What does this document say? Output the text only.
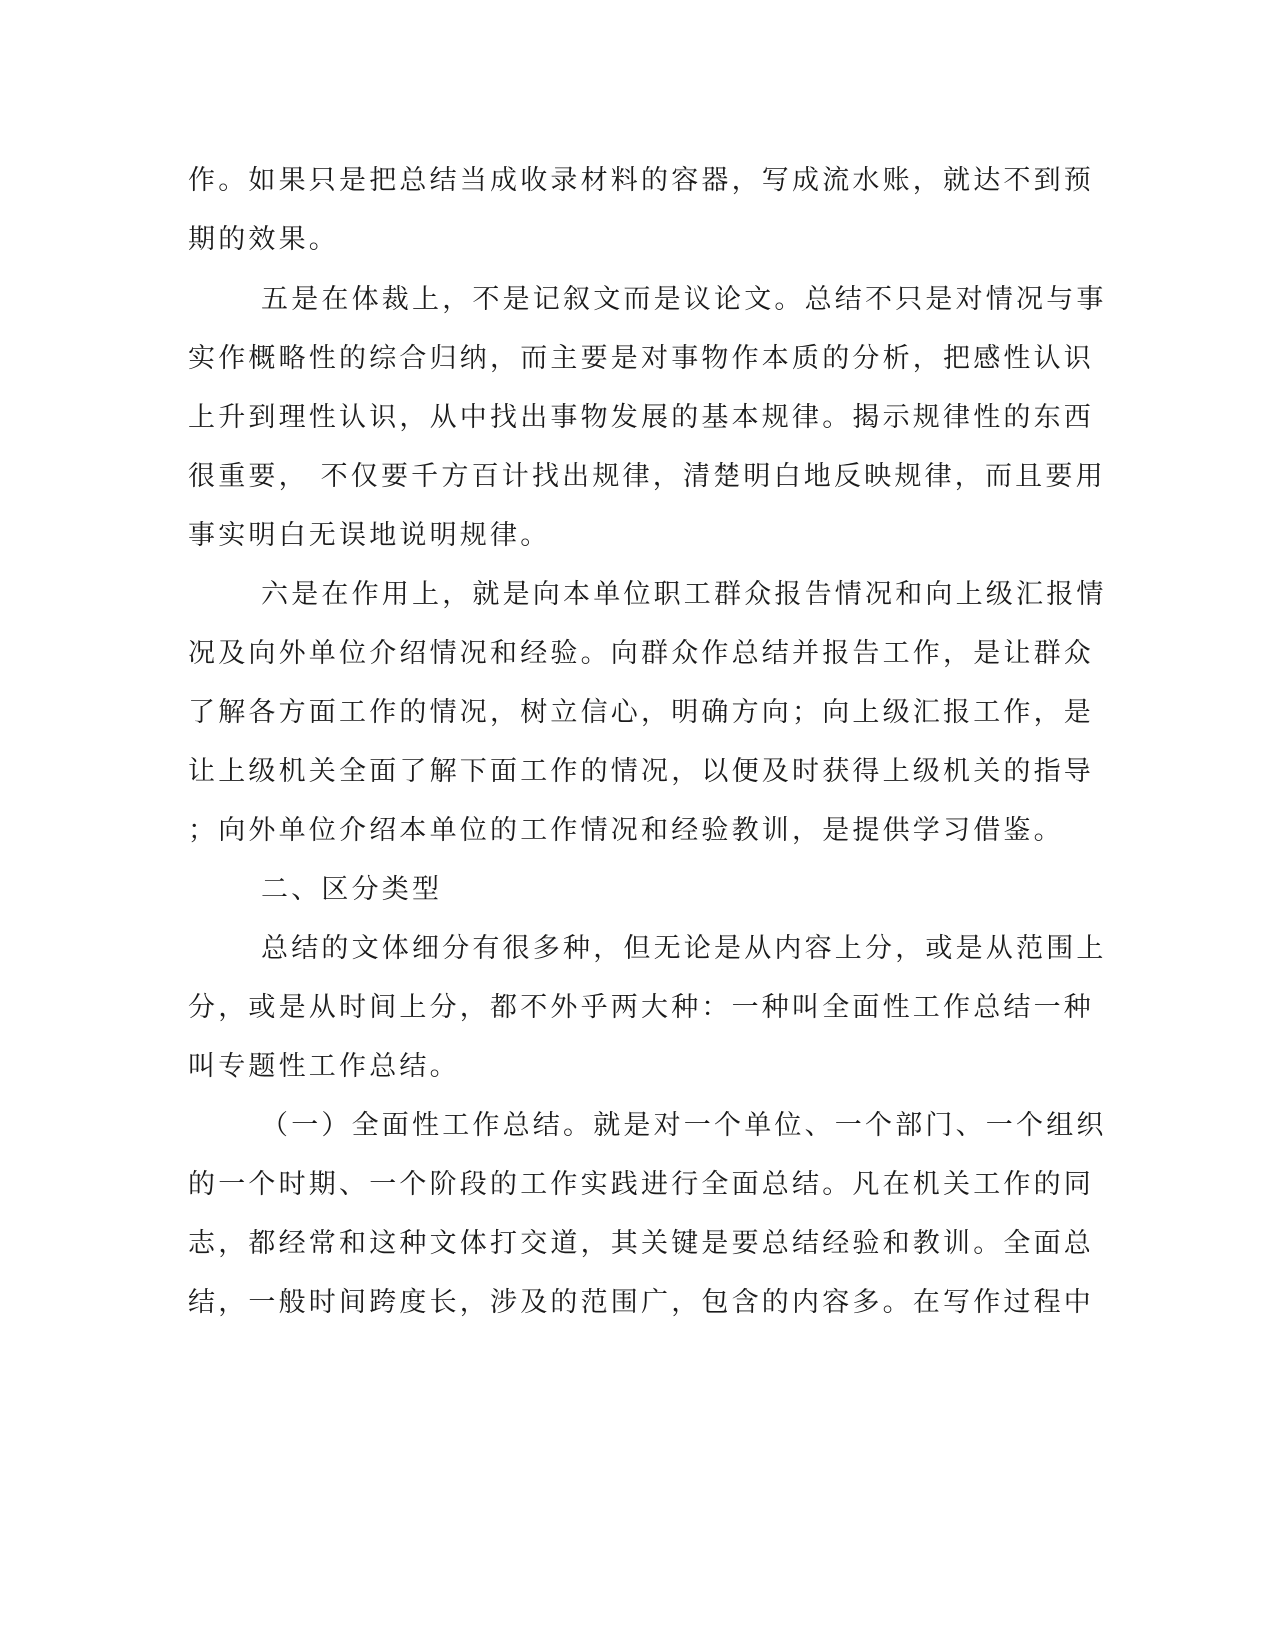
作。如果只是把总结当成收录材料的容器，写成流水账，就达不到预
期的效果。
五是在体裁上，不是记叙文而是议论文。总结不只是对情况与事
实作概略性的综合归纳，而主要是对事物作本质的分析，把感性认识
上升到理性认识，从中找出事物发展的基本规律。揭示规律性的东西
很重要， 不仅要千方百计找出规律，清楚明白地反映规律，而且要用
事实明白无误地说明规律。
六是在作用上，就是向本单位职工群众报告情况和向上级汇报情
况及向外单位介绍情况和经验。向群众作总结并报告工作，是让群众
了解各方面工作的情况，树立信心，明确方向；向上级汇报工作，是
让上级机关全面了解下面工作的情况，以便及时获得上级机关的指导
；向外单位介绍本单位的工作情况和经验教训，是提供学习借鉴。
二、区分类型
总结的文体细分有很多种，但无论是从内容上分，或是从范围上
分，或是从时间上分，都不外乎两大种：一种叫全面性工作总结一种
叫专题性工作总结。
（一）全面性工作总结。就是对一个单位、一个部门、一个组织
的一个时期、一个阶段的工作实践进行全面总结。凡在机关工作的同
志，都经常和这种文体打交道，其关键是要总结经验和教训。全面总
结，一般时间跨度长，涉及的范围广，包含的内容多。在写作过程中
